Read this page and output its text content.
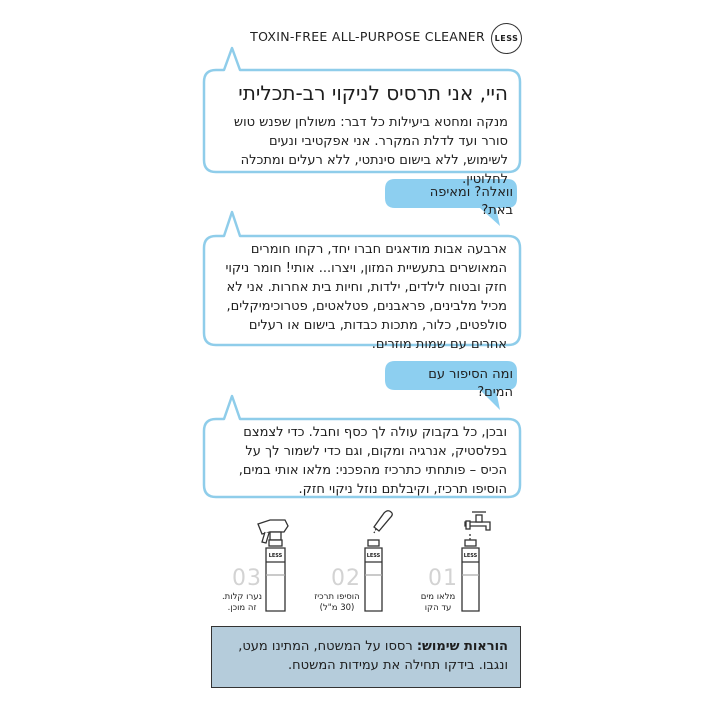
TOXIN-FREE ALL-PURPOSE CLEANER	LESS
היי, אני תרסיס לניקוי רב-תכליתי
מנקה ומחטא ביעילות כל דבר: משולחן שפנש טוש סורר ועד לדלת המקרר. אני אפקטיבי ונעים לשימוש, ללא בישום סינתטי, ללא רעלים ומתכלה לחלוטין.
וואלה? ומאיפה באת?
ארבעה אבות מודאגים חברו יחד, רקחו חומרים המאושרים בתעשיית המזון, ויצרו... אותי! חומר ניקוי חזק ובטוח לילדים, ילדות, וחיות בית אחרות. אני לא מכיל מלבינים, פראבנים, פטלאטים, פטרוכימיקלים, סולפטים, כלור, מתכות כבדות, בישום או רעלים אחרים עם שמות מוזרים.
ומה הסיפור עם המים?
ובכן, כל בקבוק עולה לך כסף וחבל. כדי לצמצם בפלסטיק, אנרגיה ומקום, וגם כדי לשמור לך על הכיס – פותחתי כתרכיז מהפכני: מלאו אותי במים, הוסיפו תרכיז, וקיבלתם נוזל ניקוי חזק.
LESS
LESS
LESS
01
02
03
מלאו מים
עד הקו
הוסיפו תרכיז
(30 מ"ל)
נערו קלות.
זה מוכן.
הוראות שימוש: רססו על המשטח, המתינו מעט, ונגבו. בידקו תחילה את עמידות המשטח.
